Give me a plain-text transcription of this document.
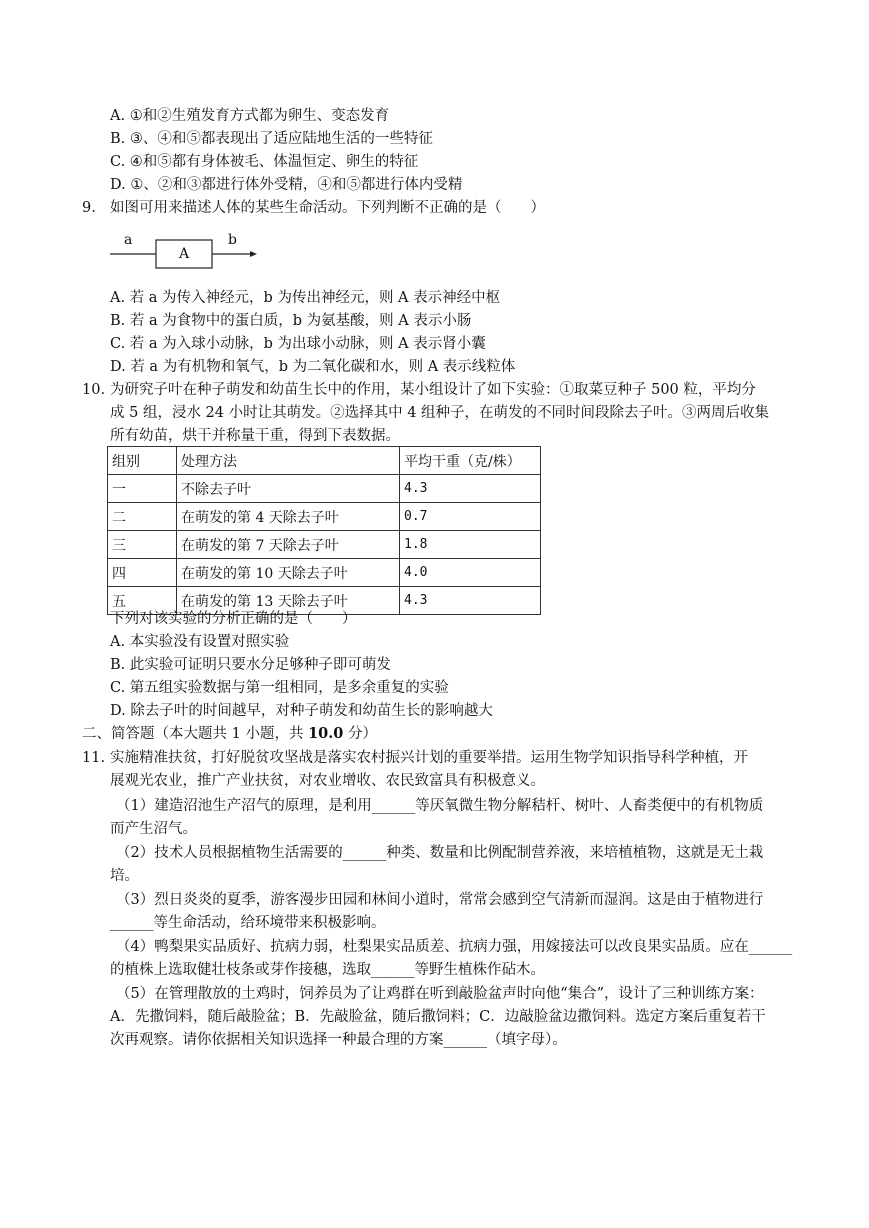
A. ①和②生殖发育方式都为卵生、变态发育
B. ③、④和⑤都表现出了适应陆地生活的一些特征
C. ④和⑤都有身体被毛、体温恒定、卵生的特征
D. ①、②和③都进行体外受精，④和⑤都进行体内受精
9. 如图可用来描述人体的某些生命活动。下列判断不正确的是（　　）
a
A
b
A. 若 a 为传入神经元，b 为传出神经元，则 A 表示神经中枢
B. 若 a 为食物中的蛋白质，b 为氨基酸，则 A 表示小肠
C. 若 a 为入球小动脉，b 为出球小动脉，则 A 表示肾小囊
D. 若 a 为有机物和氧气，b 为二氧化碳和水，则 A 表示线粒体
10. 为研究子叶在种子萌发和幼苗生长中的作用，某小组设计了如下实验：①取菜豆种子 500 粒，平均分
成 5 组，浸水 24 小时让其萌发。②选择其中 4 组种子，在萌发的不同时间段除去子叶。③两周后收集
所有幼苗，烘干并称量干重，得到下表数据。
组别	处理方法	平均干重（克/株）
一	不除去子叶	4.3
二	在萌发的第 4 天除去子叶	0.7
三	在萌发的第 7 天除去子叶	1.8
四	在萌发的第 10 天除去子叶	4.0
五	在萌发的第 13 天除去子叶	4.3
下列对该实验的分析正确的是（　　）
A. 本实验没有设置对照实验
B. 此实验可证明只要水分足够种子即可萌发
C. 第五组实验数据与第一组相同，是多余重复的实验
D. 除去子叶的时间越早，对种子萌发和幼苗生长的影响越大
二、简答题（本大题共 1 小题，共 10.0 分）
11. 实施精准扶贫，打好脱贫攻坚战是落实农村振兴计划的重要举措。运用生物学知识指导科学种植，开
展观光农业，推广产业扶贫，对农业增收、农民致富具有积极意义。
（1）建造沼池生产沼气的原理，是利用______等厌氧微生物分解秸杆、树叶、人畜类便中的有机物质
而产生沼气。
（2）技术人员根据植物生活需要的______种类、数量和比例配制营养液，来培植植物，这就是无土栽
培。
（3）烈日炎炎的夏季，游客漫步田园和林间小道时，常常会感到空气清新而湿润。这是由于植物进行
______等生命活动，给环境带来积极影响。
（4）鸭梨果实品质好、抗病力弱，杜梨果实品质差、抗病力强，用嫁接法可以改良果实品质。应在______
的植株上选取健壮枝条或芽作接穗，选取______等野生植株作砧木。
（5）在管理散放的土鸡时，饲养员为了让鸡群在听到敲脸盆声时向他“集合”，设计了三种训练方案：
A．先撒饲料，随后敲脸盆；B．先敲脸盆，随后撒饲料；C．边敲脸盆边撒饲料。选定方案后重复若干
次再观察。请你依据相关知识选择一种最合理的方案______（填字母）。
